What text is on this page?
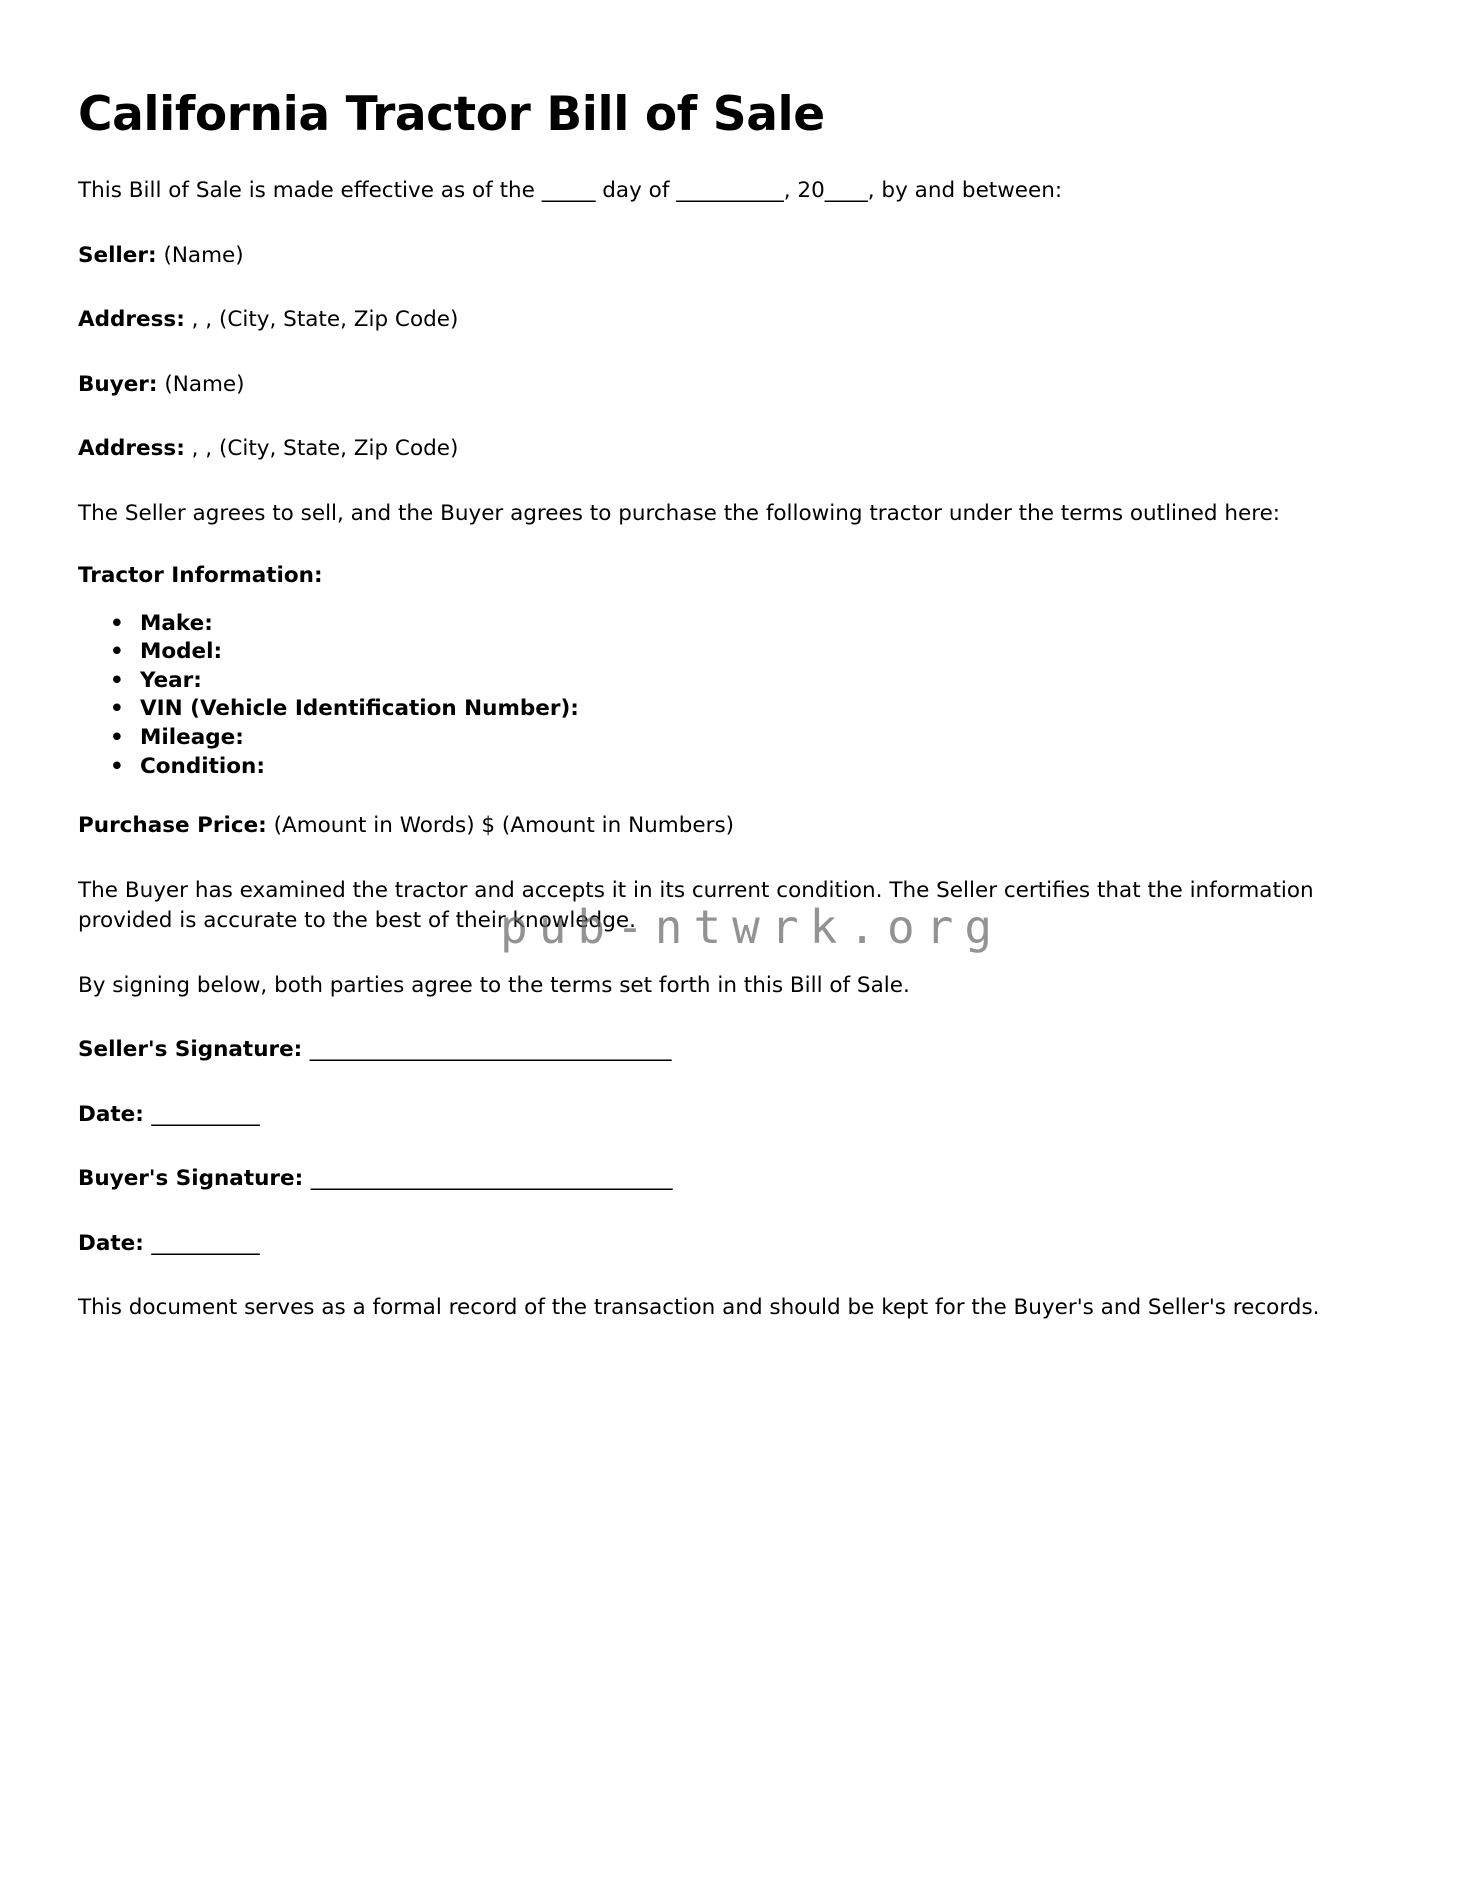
California Tractor Bill of Sale

This Bill of Sale is made effective as of the _____ day of __________, 20____, by and between:

Seller: (Name)

Address: , , (City, State, Zip Code)

Buyer: (Name)

Address: , , (City, State, Zip Code)

The Seller agrees to sell, and the Buyer agrees to purchase the following tractor under the terms outlined here:

Tractor Information:

• Make:
• Model:
• Year:
• VIN (Vehicle Identification Number):
• Mileage:
• Condition:

Purchase Price: (Amount in Words) $ (Amount in Numbers)

The Buyer has examined the tractor and accepts it in its current condition. The Seller certifies that the information provided is accurate to the best of their knowledge.

By signing below, both parties agree to the terms set forth in this Bill of Sale.

Seller's Signature: _____________________________________

Date: ___________

Buyer's Signature: _____________________________________

Date: ___________

This document serves as a formal record of the transaction and should be kept for the Buyer's and Seller's records.

pub-ntwrk.org
